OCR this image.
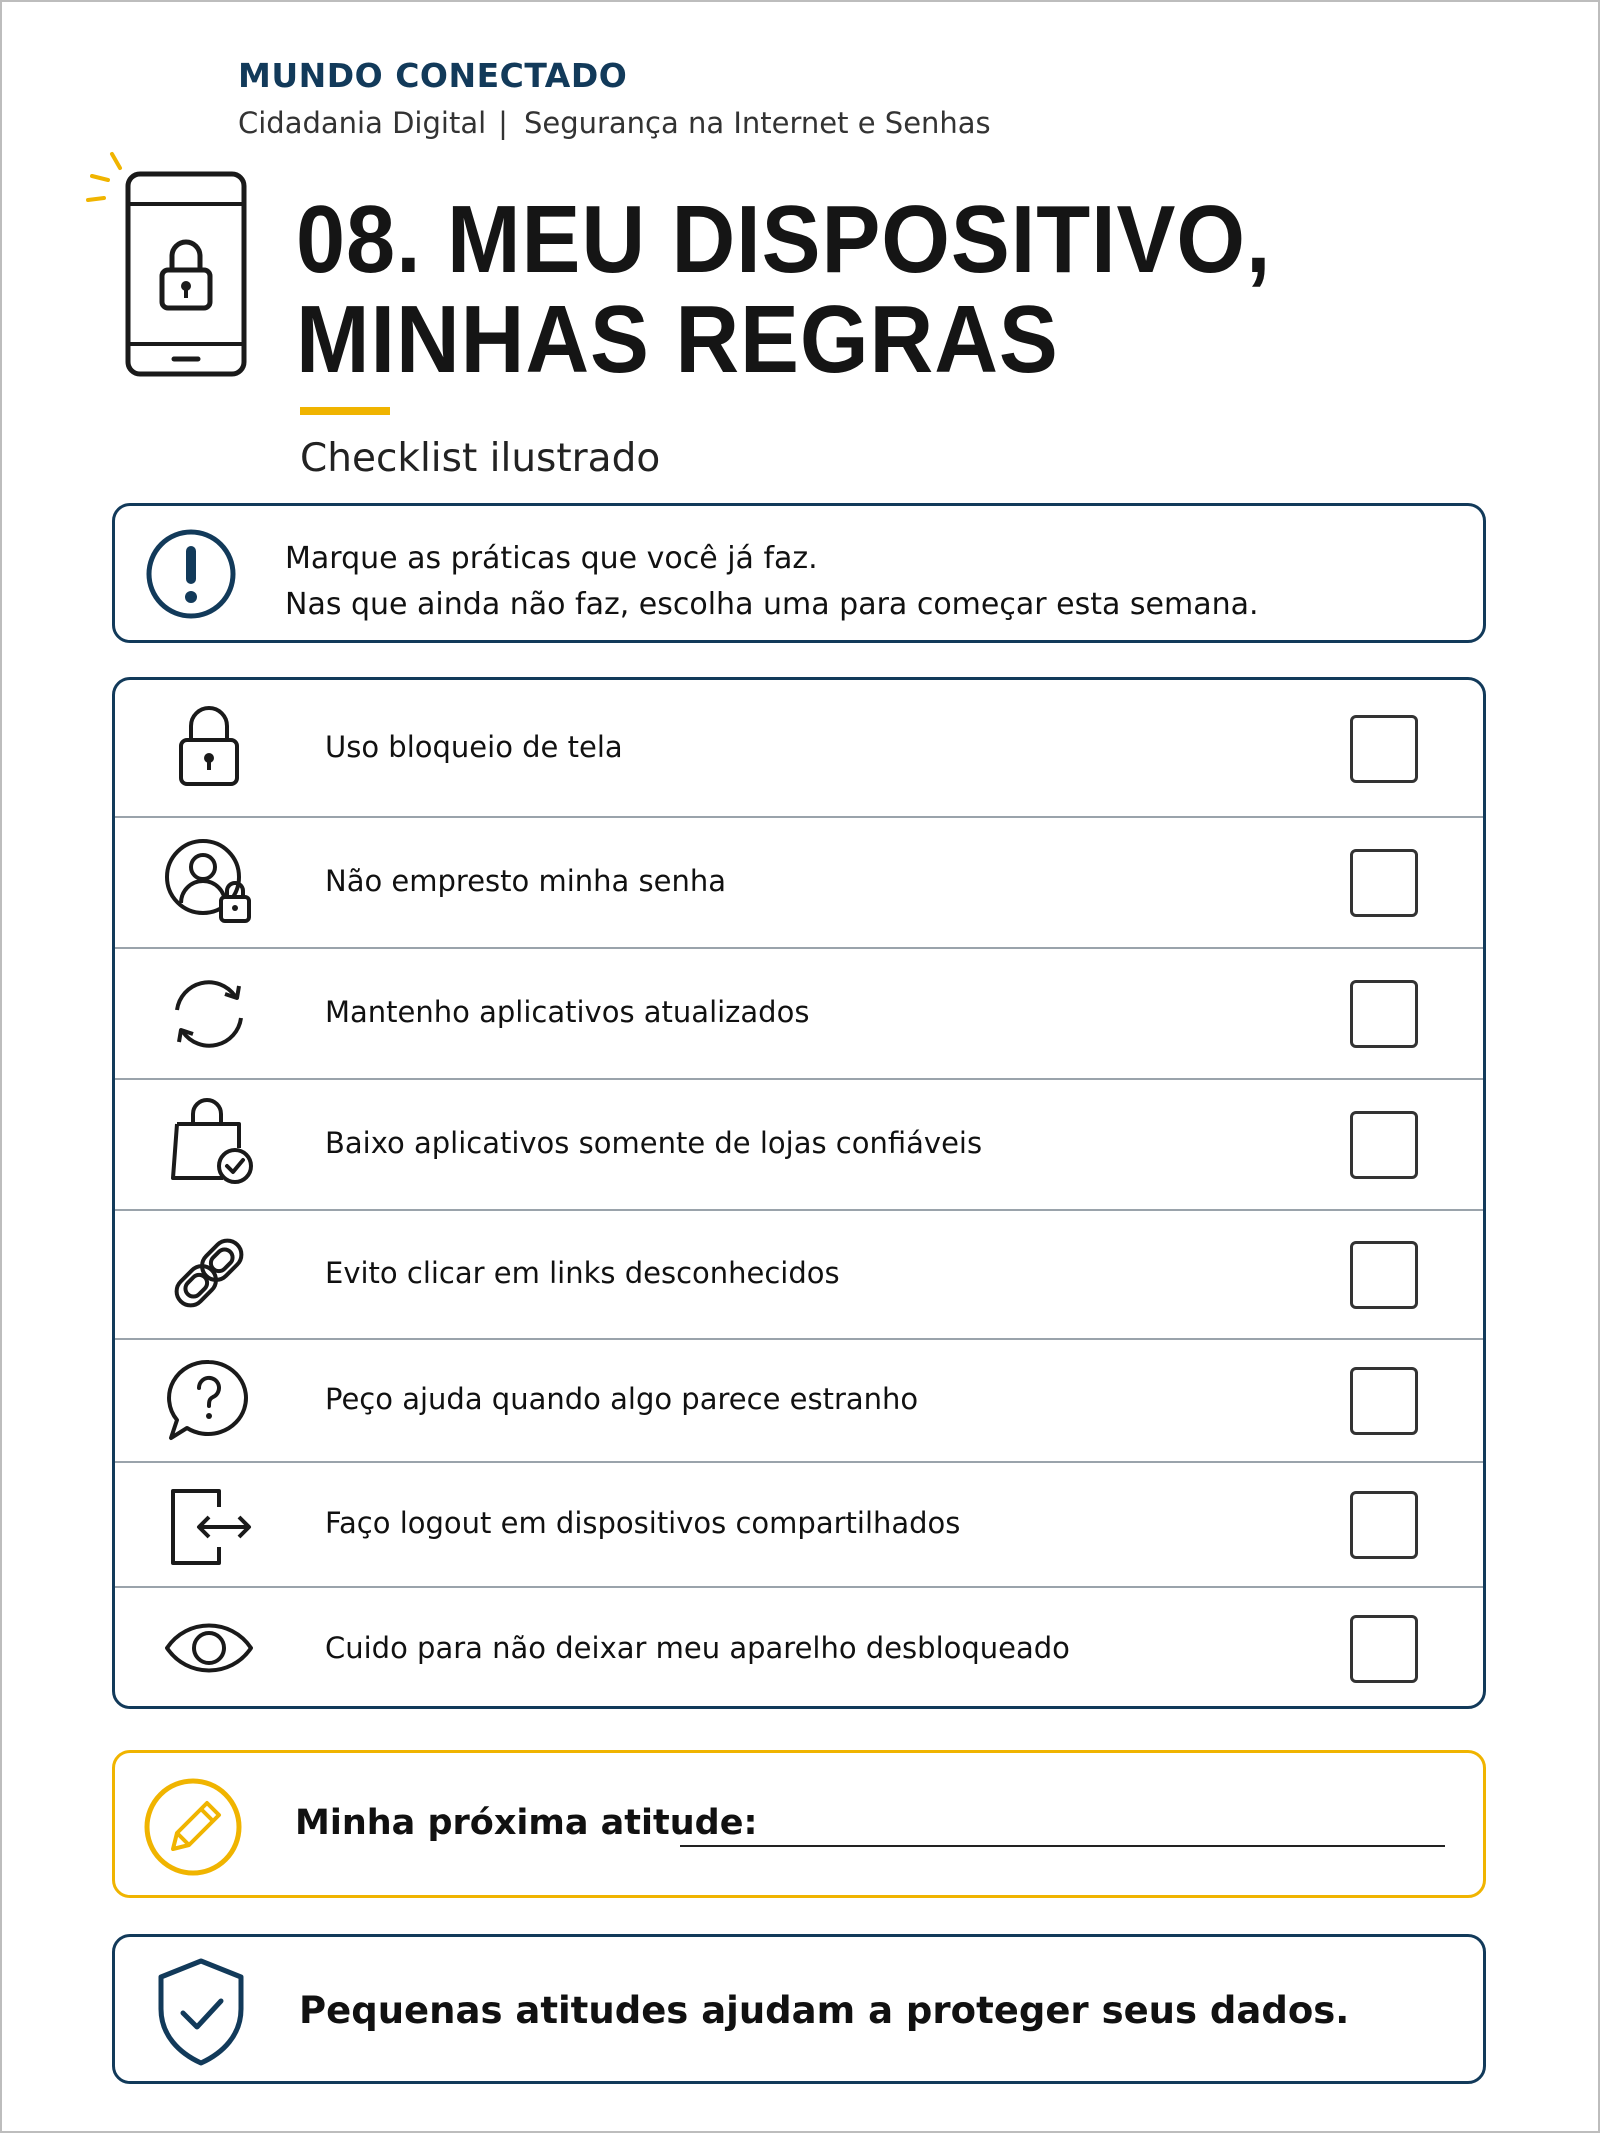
MUNDO CONECTADO
Cidadania Digital | Segurança na Internet e Senhas
08. MEU DISPOSITIVO,
MINHAS REGRAS
Checklist ilustrado
Marque as práticas que você já faz.
Nas que ainda não faz, escolha uma para começar esta semana.
Uso bloqueio de tela
Não empresto minha senha
Mantenho aplicativos atualizados
Baixo aplicativos somente de lojas confiáveis
Evito clicar em links desconhecidos
Peço ajuda quando algo parece estranho
Faço logout em dispositivos compartilhados
Cuido para não deixar meu aparelho desbloqueado
Minha próxima atitude:
Pequenas atitudes ajudam a proteger seus dados.
